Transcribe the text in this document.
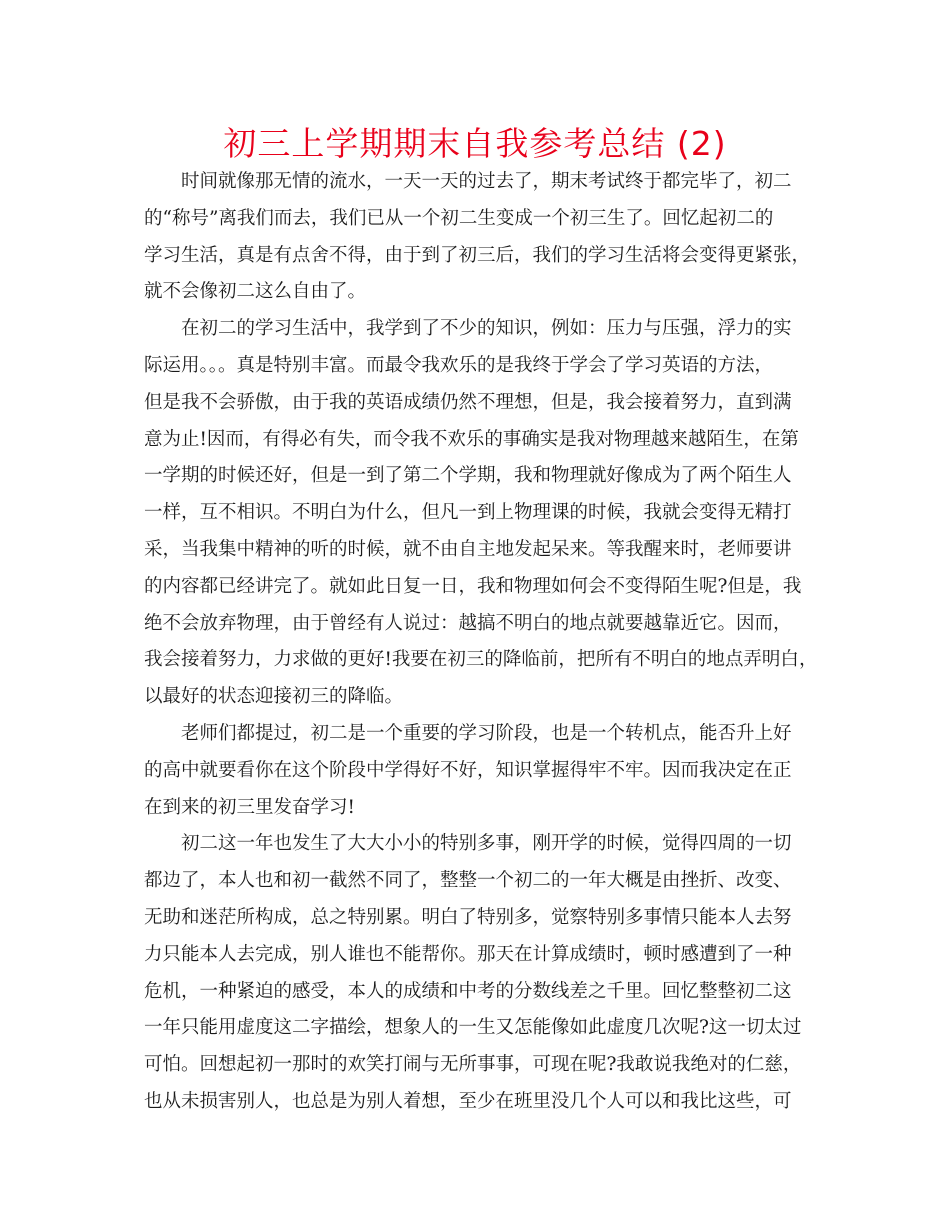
初三上学期期末自我参考总结 (2)
时间就像那无情的流水，一天一天的过去了，期末考试终于都完毕了，初二
的“称号”离我们而去，我们已从一个初二生变成一个初三生了。回忆起初二的
学习生活，真是有点舍不得，由于到了初三后，我们的学习生活将会变得更紧张，
就不会像初二这么自由了。
在初二的学习生活中，我学到了不少的知识，例如：压力与压强，浮力的实
际运用。。。真是特别丰富。而最令我欢乐的是我终于学会了学习英语的方法，
但是我不会骄傲，由于我的英语成绩仍然不理想，但是，我会接着努力，直到满
意为止!因而，有得必有失，而令我不欢乐的事确实是我对物理越来越陌生，在第
一学期的时候还好，但是一到了第二个学期，我和物理就好像成为了两个陌生人
一样，互不相识。不明白为什么，但凡一到上物理课的时候，我就会变得无精打
采，当我集中精神的听的时候，就不由自主地发起呆来。等我醒来时，老师要讲
的内容都已经讲完了。就如此日复一日，我和物理如何会不变得陌生呢?但是，我
绝不会放弃物理，由于曾经有人说过：越搞不明白的地点就要越靠近它。因而，
我会接着努力，力求做的更好!我要在初三的降临前，把所有不明白的地点弄明白，
以最好的状态迎接初三的降临。
老师们都提过，初二是一个重要的学习阶段，也是一个转机点，能否升上好
的高中就要看你在这个阶段中学得好不好，知识掌握得牢不牢。因而我决定在正
在到来的初三里发奋学习!
初二这一年也发生了大大小小的特别多事，刚开学的时候，觉得四周的一切
都边了，本人也和初一截然不同了，整整一个初二的一年大概是由挫折、改变、
无助和迷茫所构成，总之特别累。明白了特别多，觉察特别多事情只能本人去努
力只能本人去完成，别人谁也不能帮你。那天在计算成绩时，顿时感遭到了一种
危机，一种紧迫的感受，本人的成绩和中考的分数线差之千里。回忆整整初二这
一年只能用虚度这二字描绘，想象人的一生又怎能像如此虚度几次呢?这一切太过
可怕。回想起初一那时的欢笑打闹与无所事事，可现在呢?我敢说我绝对的仁慈，
也从未损害别人，也总是为别人着想，至少在班里没几个人可以和我比这些，可
